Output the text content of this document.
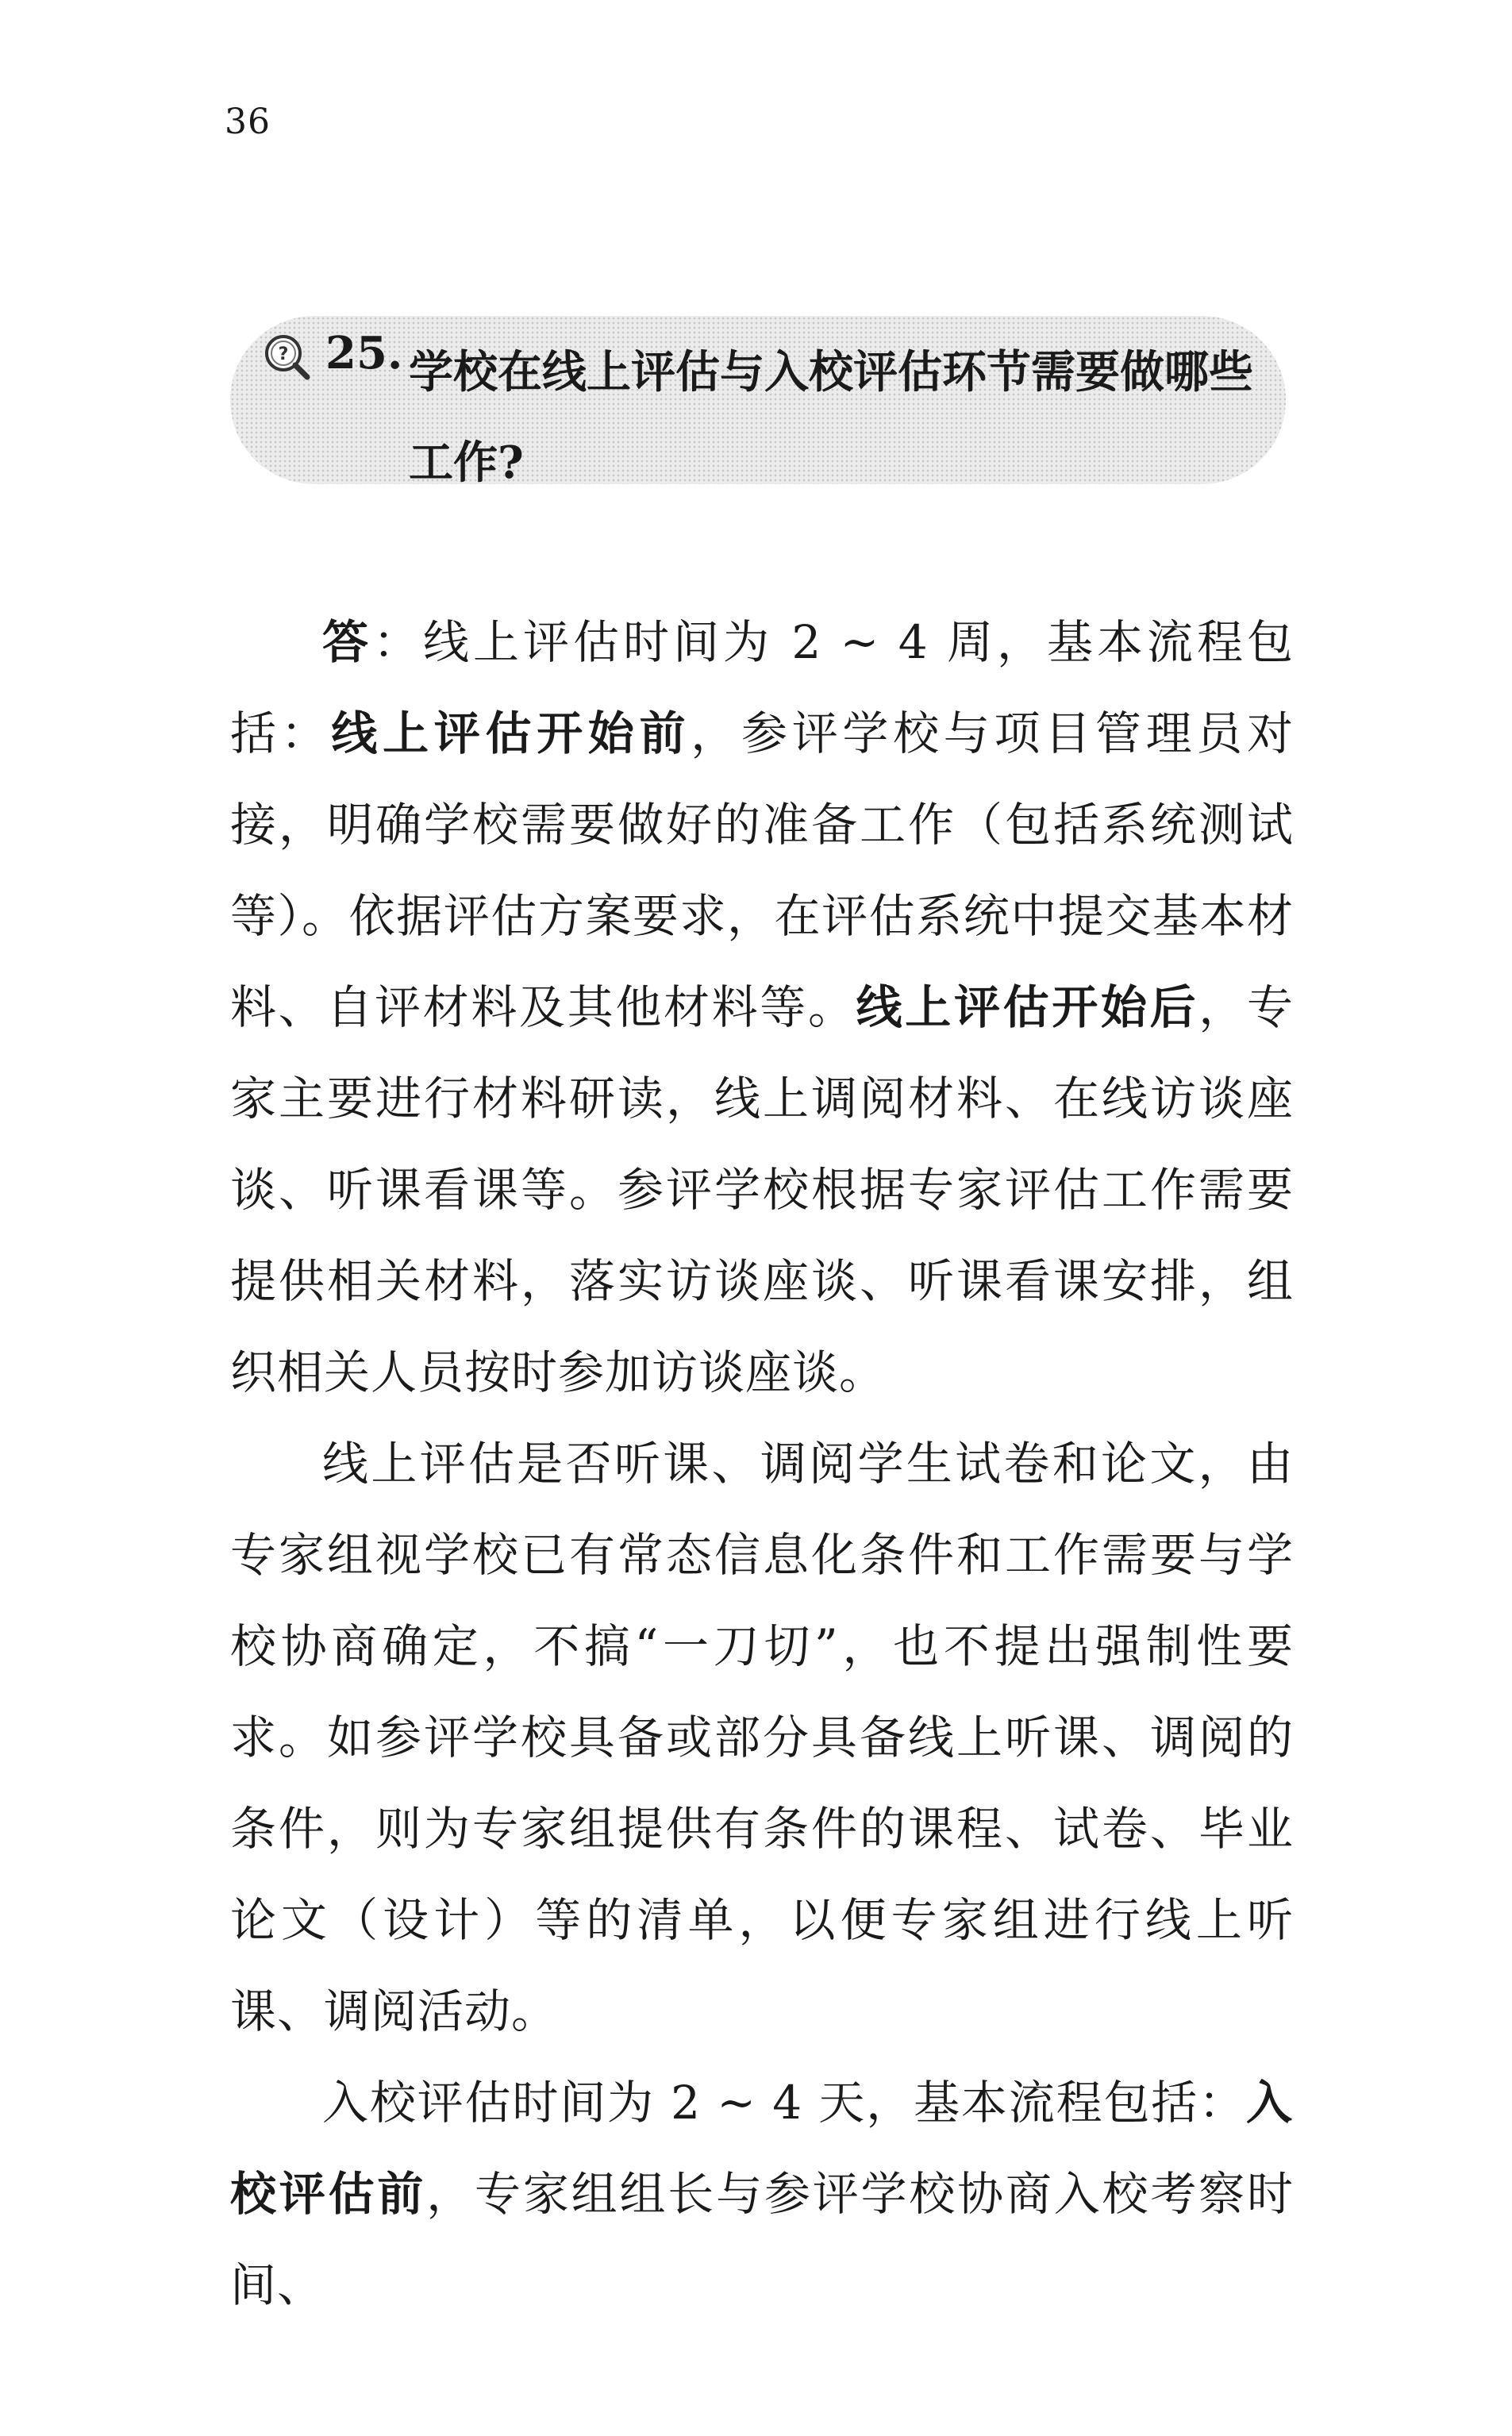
36
? 25. 学校在线上评估与入校评估环节需要做哪些工作?

答：线上评估时间为 2 ~ 4 周，基本流程包括：线上评估开始前，参评学校与项目管理员对接，明确学校需要做好的准备工作（包括系统测试等）。依据评估方案要求，在评估系统中提交基本材料、自评材料及其他材料等。线上评估开始后，专家主要进行材料研读，线上调阅材料、在线访谈座谈、听课看课等。参评学校根据专家评估工作需要提供相关材料，落实访谈座谈、听课看课安排，组织相关人员按时参加访谈座谈。

线上评估是否听课、调阅学生试卷和论文，由专家组视学校已有常态信息化条件和工作需要与学校协商确定，不搞“一刀切”，也不提出强制性要求。如参评学校具备或部分具备线上听课、调阅的条件，则为专家组提供有条件的课程、试卷、毕业论文（设计）等的清单，以便专家组进行线上听课、调阅活动。

入校评估时间为 2 ~ 4 天，基本流程包括：入校评估前，专家组组长与参评学校协商入校考察时间、
